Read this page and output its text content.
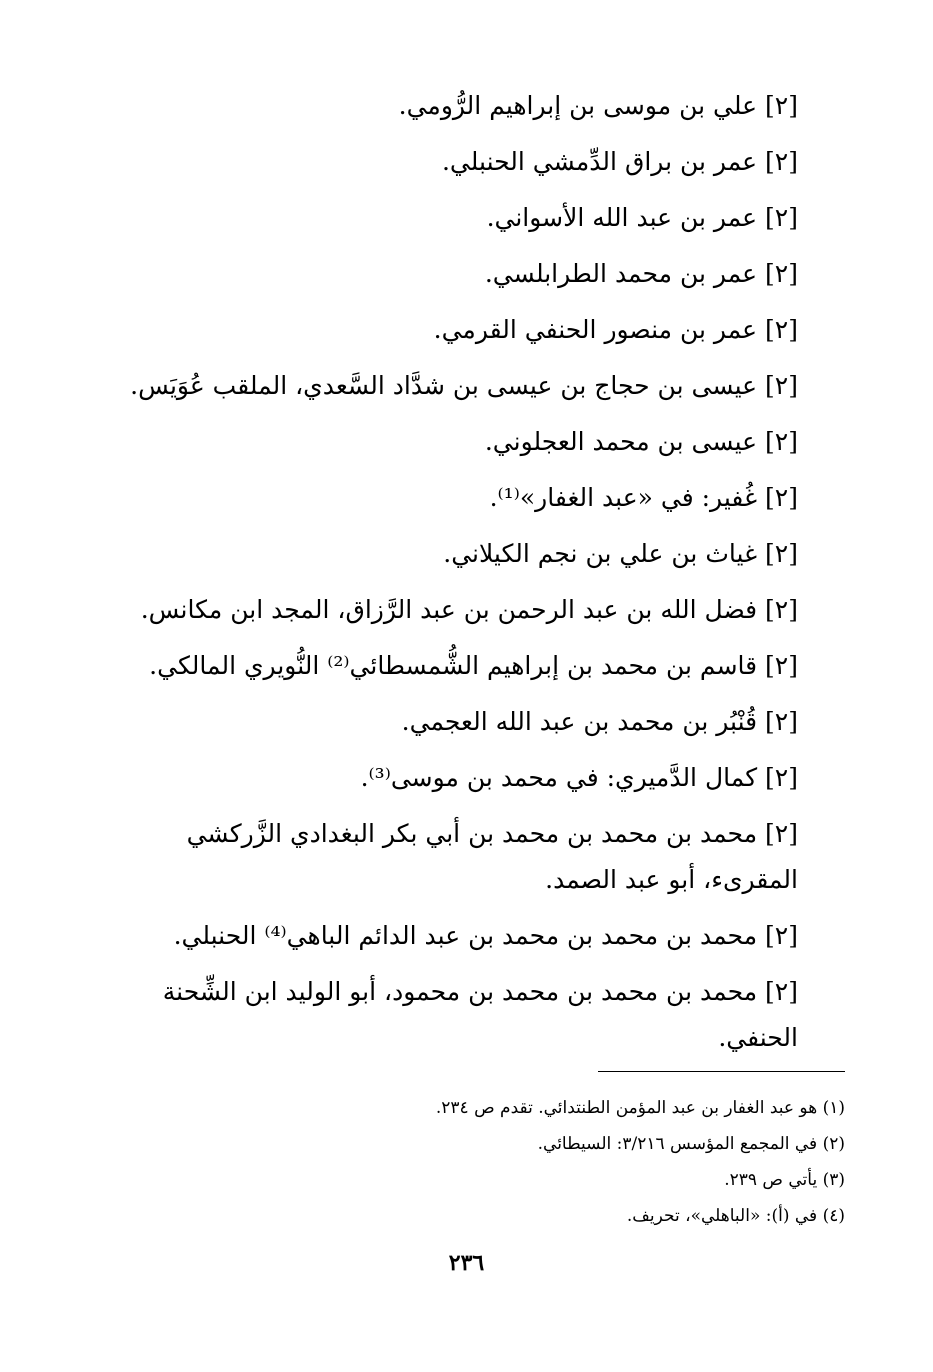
[٢] علي بن موسى بن إبراهيم الرُّومي.
[٢] عمر بن براق الدِّمشي الحنبلي.
[٢] عمر بن عبد الله الأسواني.
[٢] عمر بن محمد الطرابلسي.
[٢] عمر بن منصور الحنفي القرمي.
[٢] عيسى بن حجاج بن عيسى بن شدَّاد السَّعدي، الملقب عُوَيَس.
[٢] عيسى بن محمد العجلوني.
[٢] غُفير: في «عبد الغفار»⁽¹⁾.
[٢] غياث بن علي بن نجم الكيلاني.
[٢] فضل الله بن عبد الرحمن بن عبد الرَّزاق، المجد ابن مكانس.
[٢] قاسم بن محمد بن إبراهيم الشُّمسطائي⁽²⁾ النُّويري المالكي.
[٢] قُنْبُر بن محمد بن عبد الله العجمي.
[٢] كمال الدَّميري: في محمد بن موسى⁽³⁾.
[٢] محمد بن محمد بن محمد بن أبي بكر البغدادي الزَّركشي المقرىء، أبو عبد الصمد.
[٢] محمد بن محمد بن محمد بن عبد الدائم الباهي⁽⁴⁾ الحنبلي.
[٢] محمد بن محمد بن محمد بن محمود، أبو الوليد ابن الشِّحنة الحنفي.
(١) هو عبد الغفار بن عبد المؤمن الطنتدائي. تقدم ص ٢٣٤.
(٢) في المجمع المؤسس ٣/٢١٦: السيطائي.
(٣) يأتي ص ٢٣٩.
(٤) في (أ): «الباهلي»، تحريف.
٢٣٦
